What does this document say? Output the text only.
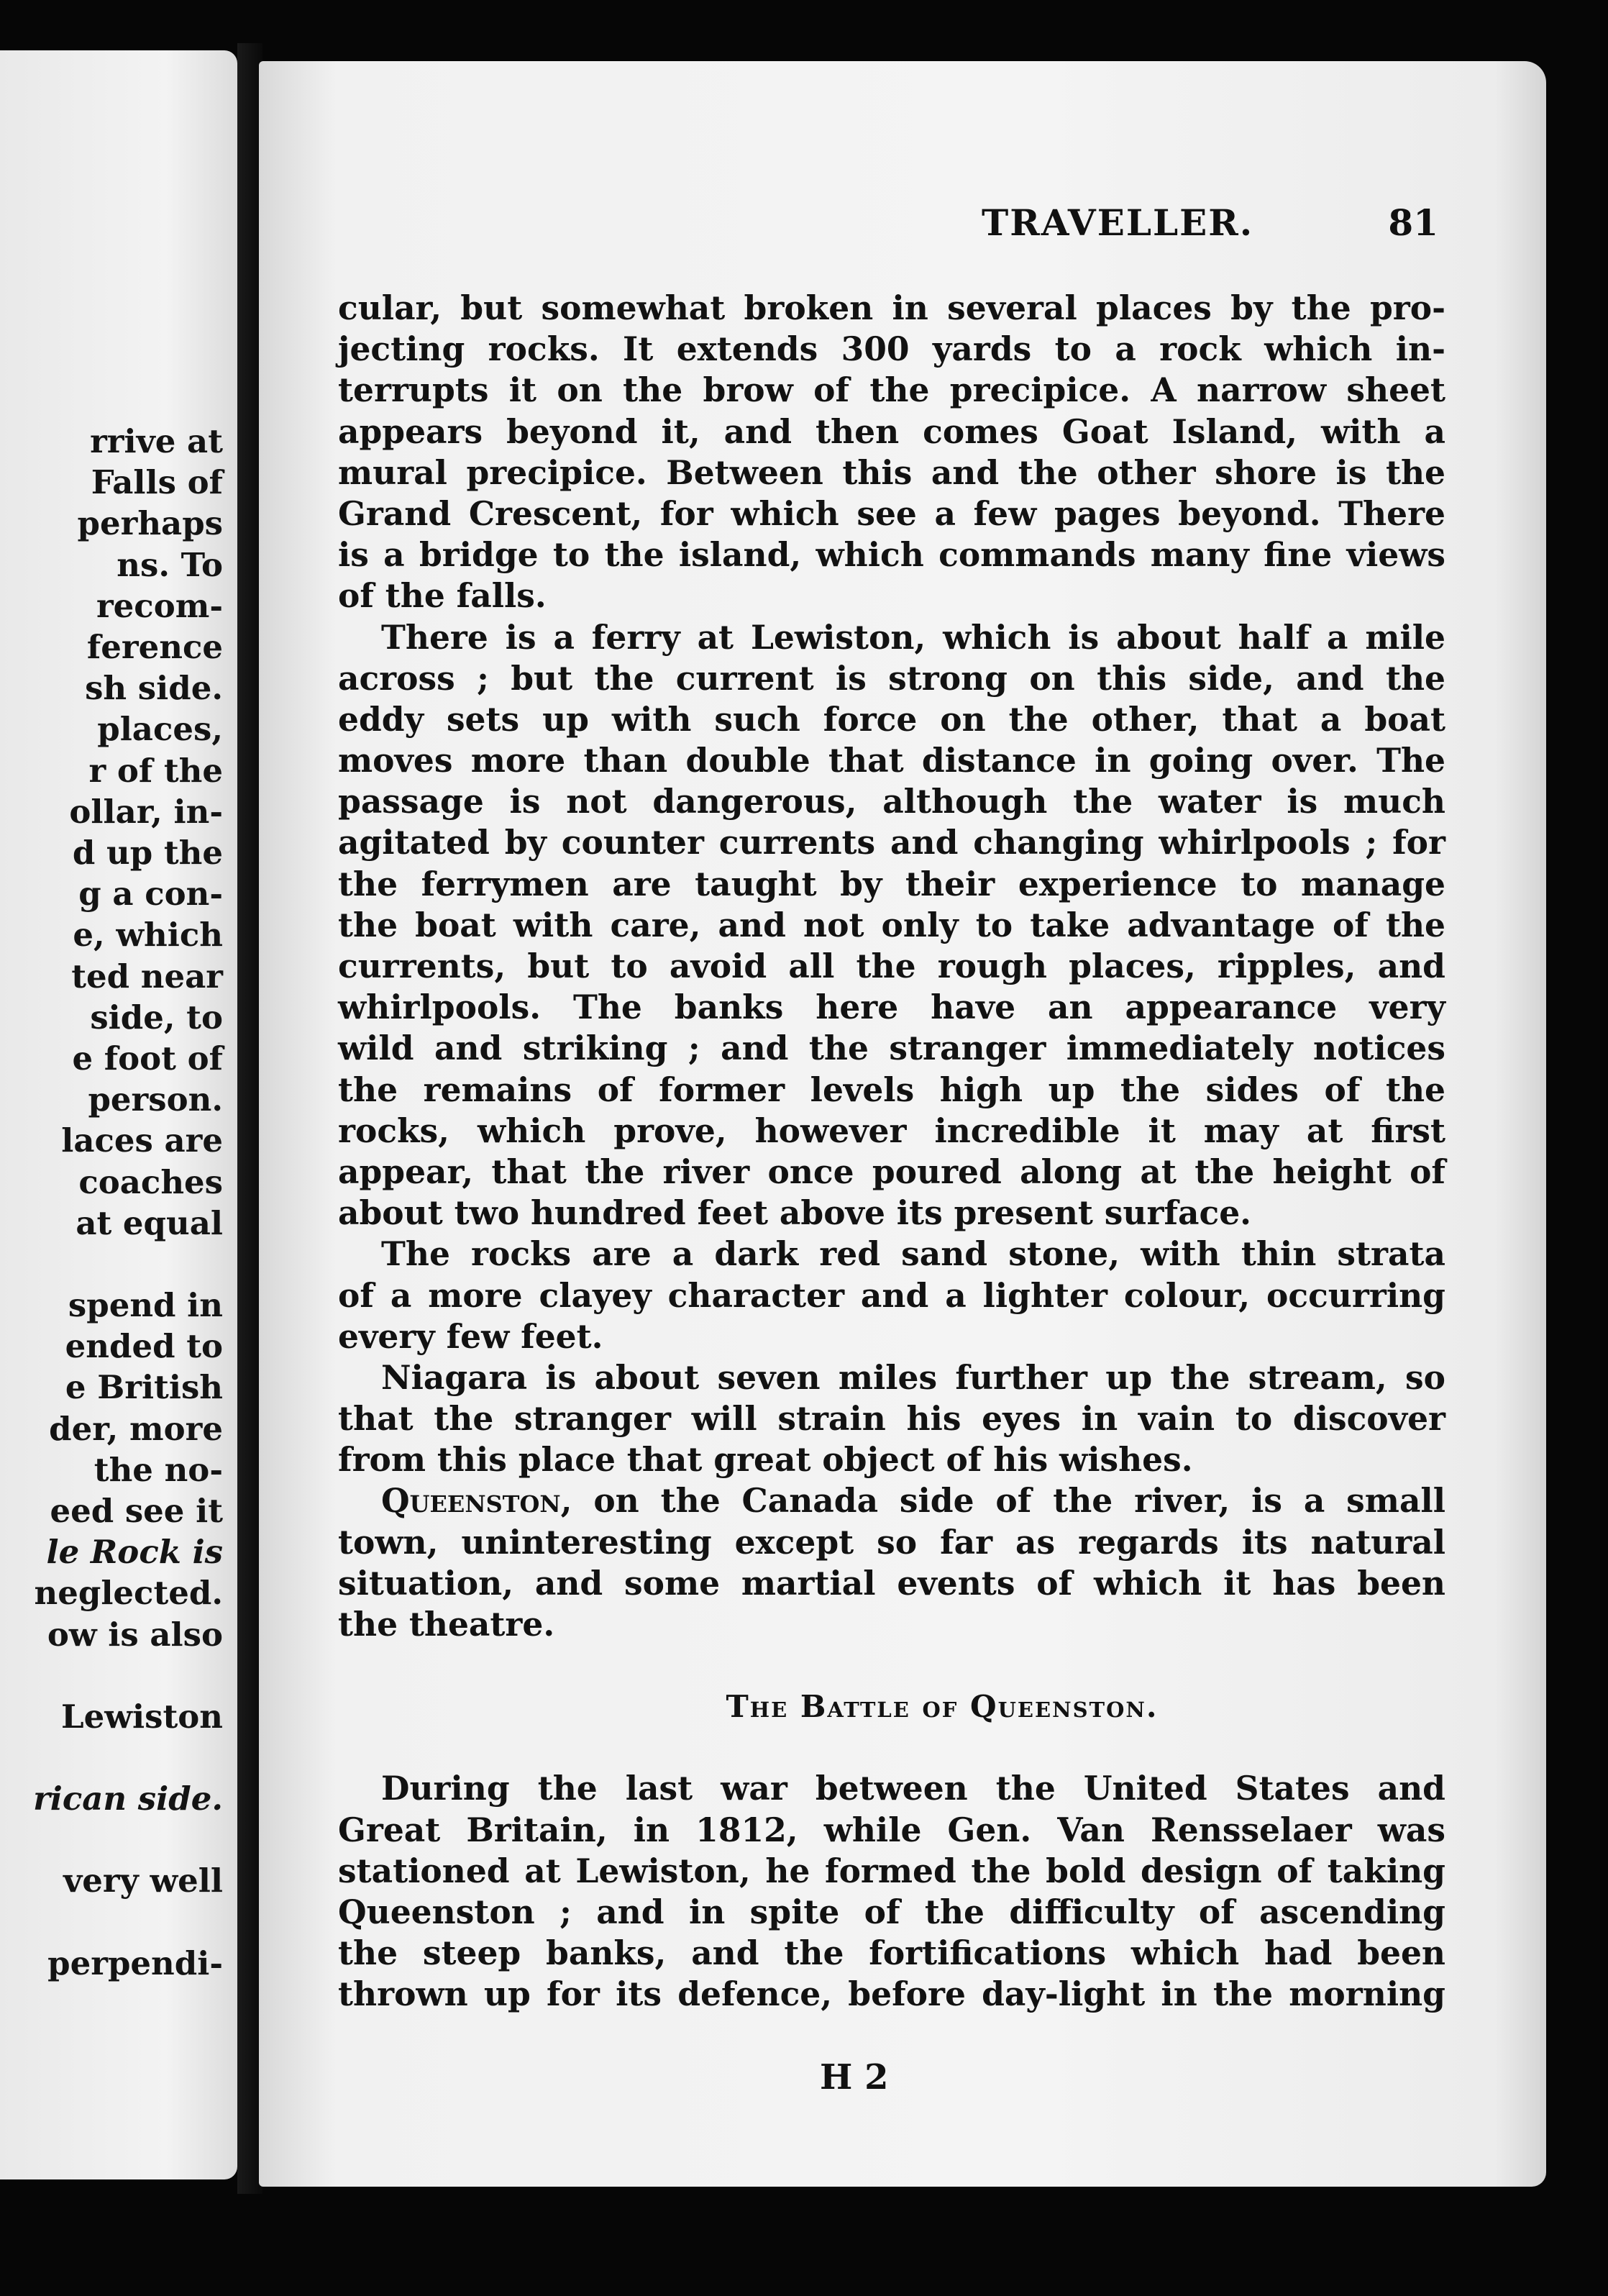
rrive at
Falls of
perhaps
ns. To
recom-
ference
sh side.
places,
r of the
ollar, in-
d up the
g a con-
e, which
ted near
side, to
e foot of
person.
laces are
coaches
at equal
spend in
ended to
e British
der, more
the no-
eed see it
le Rock is
neglected.
ow is also
Lewiston
rican side.
very well
perpendi-
TRAVELLER.	81
cular, but somewhat broken in several places by the pro-
jecting rocks. It extends 300 yards to a rock which in-
terrupts it on the brow of the precipice. A narrow sheet
appears beyond it, and then comes Goat Island, with a
mural precipice. Between this and the other shore is the
Grand Crescent, for which see a few pages beyond. There
is a bridge to the island, which commands many fine views
of the falls.
There is a ferry at Lewiston, which is about half a mile
across ; but the current is strong on this side, and the
eddy sets up with such force on the other, that a boat
moves more than double that distance in going over. The
passage is not dangerous, although the water is much
agitated by counter currents and changing whirlpools ; for
the ferrymen are taught by their experience to manage
the boat with care, and not only to take advantage of the
currents, but to avoid all the rough places, ripples, and
whirlpools. The banks here have an appearance very
wild and striking ; and the stranger immediately notices
the remains of former levels high up the sides of the
rocks, which prove, however incredible it may at first
appear, that the river once poured along at the height of
about two hundred feet above its present surface.
The rocks are a dark red sand stone, with thin strata
of a more clayey character and a lighter colour, occurring
every few feet.
Niagara is about seven miles further up the stream, so
that the stranger will strain his eyes in vain to discover
from this place that great object of his wishes.
Queenston, on the Canada side of the river, is a small
town, uninteresting except so far as regards its natural
situation, and some martial events of which it has been
the theatre.
The Battle of Queenston.
During the last war between the United States and
Great Britain, in 1812, while Gen. Van Rensselaer was
stationed at Lewiston, he formed the bold design of taking
Queenston ; and in spite of the difficulty of ascending
the steep banks, and the fortifications which had been
thrown up for its defence, before day-light in the morning
H 2
